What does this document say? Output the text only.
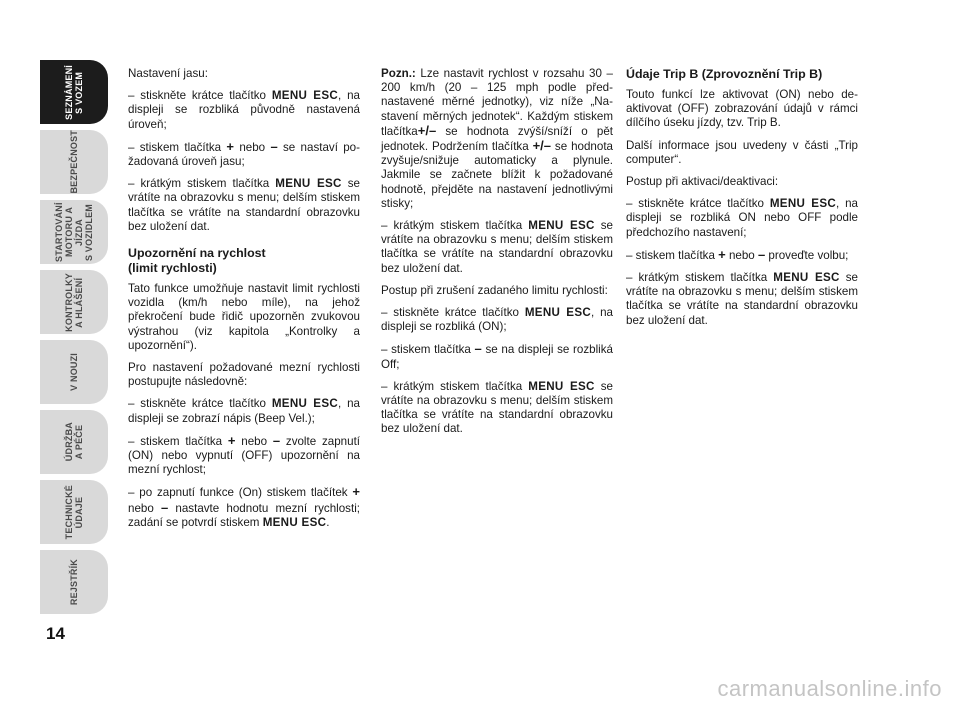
SEZNÁMENÍ
S VOZEM
BEZPEČNOST
STARTOVÁNÍ
MOTORU A JÍZDA
S VOZIDLEM
KONTROLKY
A HLÁŠENÍ
V NOUZI
ÚDRŽBA
A PÉČE
TECHNICKÉ
ÚDAJE
REJSTŘÍK
14

Nastavení jasu:

– stiskněte krátce tlačítko MENU ESC, na displeji se rozbliká původně nastavená úroveň;

– stiskem tlačítka + nebo – se nastaví požadovaná úroveň jasu;

– krátkým stiskem tlačítka MENU ESC se vrátíte na obrazovku s menu; delším stiskem tlačítka se vrátíte na standardní obrazovku bez uložení dat.

Upozornění na rychlost
(limit rychlosti)

Tato funkce umožňuje nastavit limit rychlosti vozidla (km/h nebo míle), na jehož překročení bude řidič upozorněn zvukovou výstrahou (viz kapitola „Kontrolky a upozornění“).

Pro nastavení požadované mezní rychlosti postupujte následovně:

– stiskněte krátce tlačítko MENU ESC, na displeji se zobrazí nápis (Beep Vel.);

– stiskem tlačítka + nebo – zvolte zapnutí (ON) nebo vypnutí (OFF) upozornění na mezní rychlost;

– po zapnutí funkce (On) stiskem tlačítek + nebo – nastavte hodnotu mezní rychlosti; zadání se potvrdí stiskem MENU ESC.

Pozn.: Lze nastavit rychlost v rozsahu 30 – 200 km/h (20 – 125 mph podle přednastavené měrné jednotky), viz níže „Nastavení měrných jednotek“. Každým stiskem tlačítka+/– se hodnota zvýší/sníží o pět jednotek. Podržením tlačítka +/– se hodnota zvyšuje/snižuje automaticky a plynule. Jakmile se začnete blížit k požadované hodnotě, přejděte na nastavení jednotlivými stisky;

– krátkým stiskem tlačítka MENU ESC se vrátíte na obrazovku s menu; delším stiskem tlačítka se vrátíte na standardní obrazovku bez uložení dat.

Postup při zrušení zadaného limitu rychlosti:

– stiskněte krátce tlačítko MENU ESC, na displeji se rozbliká (ON);

– stiskem tlačítka – se na displeji se rozbliká Off;

– krátkým stiskem tlačítka MENU ESC se vrátíte na obrazovku s menu; delším stiskem tlačítka se vrátíte na standardní obrazovku bez uložení dat.

Údaje Trip B (Zprovoznění Trip B)

Touto funkcí lze aktivovat (ON) nebo deaktivovat (OFF) zobrazování údajů v rámci dílčího úseku jízdy, tzv. Trip B.

Další informace jsou uvedeny v části „Trip computer“.

Postup při aktivaci/deaktivaci:

– stiskněte krátce tlačítko MENU ESC, na displeji se rozbliká ON nebo OFF podle předchozího nastavení;

– stiskem tlačítka + nebo – proveďte volbu;

– krátkým stiskem tlačítka MENU ESC se vrátíte na obrazovku s menu; delším stiskem tlačítka se vrátíte na standardní obrazovku bez uložení dat.

carmanualsonline.info
